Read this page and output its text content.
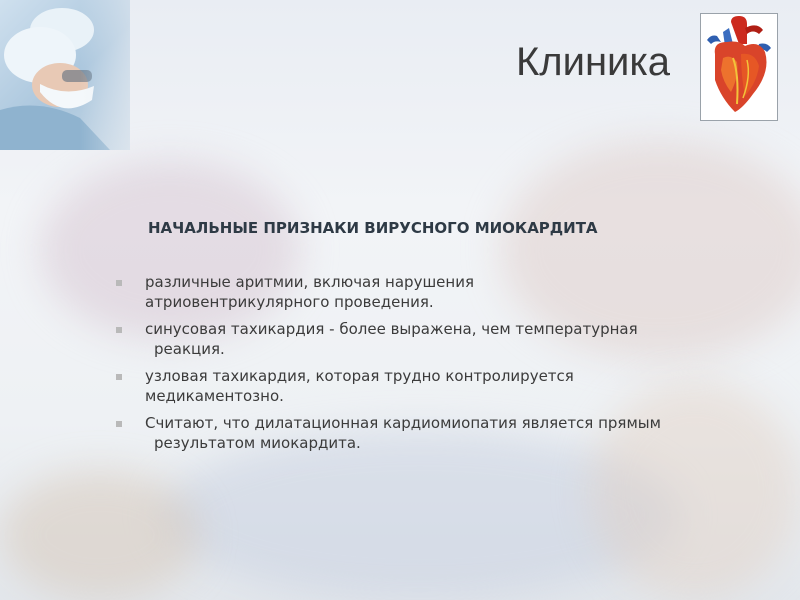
Клиника
НАЧАЛЬНЫЕ ПРИЗНАКИ ВИРУСНОГО МИОКАРДИТА
различные аритмии, включая нарушения
атриовентрикулярного проведения.
синусовая тахикардия - более выражена, чем температурная
реакция.
узловая тахикардия, которая трудно контролируется
медикаментозно.
Считают, что дилатационная кардиомиопатия является прямым
результатом миокардита.
